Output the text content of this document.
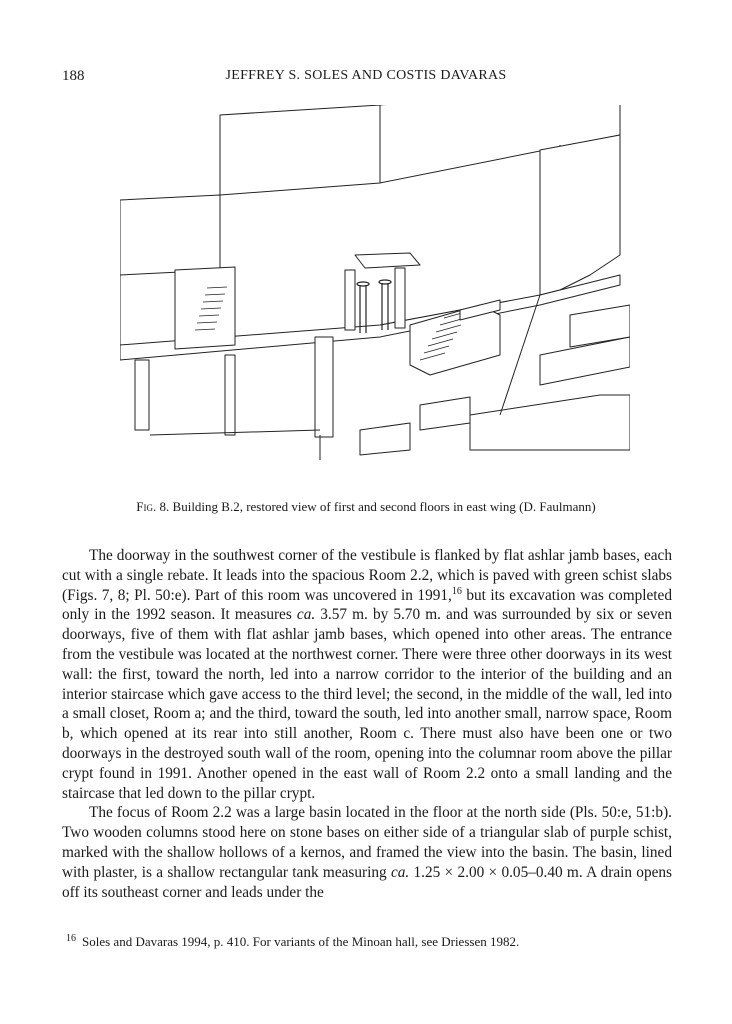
188	JEFFREY S. SOLES AND COSTIS DAVARAS
Fig. 8. Building B.2, restored view of first and second floors in east wing (D. Faulmann)

The doorway in the southwest corner of the vestibule is flanked by flat ashlar jamb bases, each cut with a single rebate. It leads into the spacious Room 2.2, which is paved with green schist slabs (Figs. 7, 8; Pl. 50:e). Part of this room was uncovered in 1991,16 but its excavation was completed only in the 1992 season. It measures ca. 3.57 m. by 5.70 m. and was surrounded by six or seven doorways, five of them with flat ashlar jamb bases, which opened into other areas. The entrance from the vestibule was located at the northwest corner. There were three other doorways in its west wall: the first, toward the north, led into a narrow corridor to the interior of the building and an interior staircase which gave access to the third level; the second, in the middle of the wall, led into a small closet, Room a; and the third, toward the south, led into another small, narrow space, Room b, which opened at its rear into still another, Room c. There must also have been one or two doorways in the destroyed south wall of the room, opening into the columnar room above the pillar crypt found in 1991. Another opened in the east wall of Room 2.2 onto a small landing and the staircase that led down to the pillar crypt.

The focus of Room 2.2 was a large basin located in the floor at the north side (Pls. 50:e, 51:b). Two wooden columns stood here on stone bases on either side of a triangular slab of purple schist, marked with the shallow hollows of a kernos, and framed the view into the basin. The basin, lined with plaster, is a shallow rectangular tank measuring ca. 1.25 × 2.00 × 0.05–0.40 m. A drain opens off its southeast corner and leads under the

$^{16}$ Soles and Davaras 1994, p. 410. For variants of the Minoan hall, see Driessen 1982.
